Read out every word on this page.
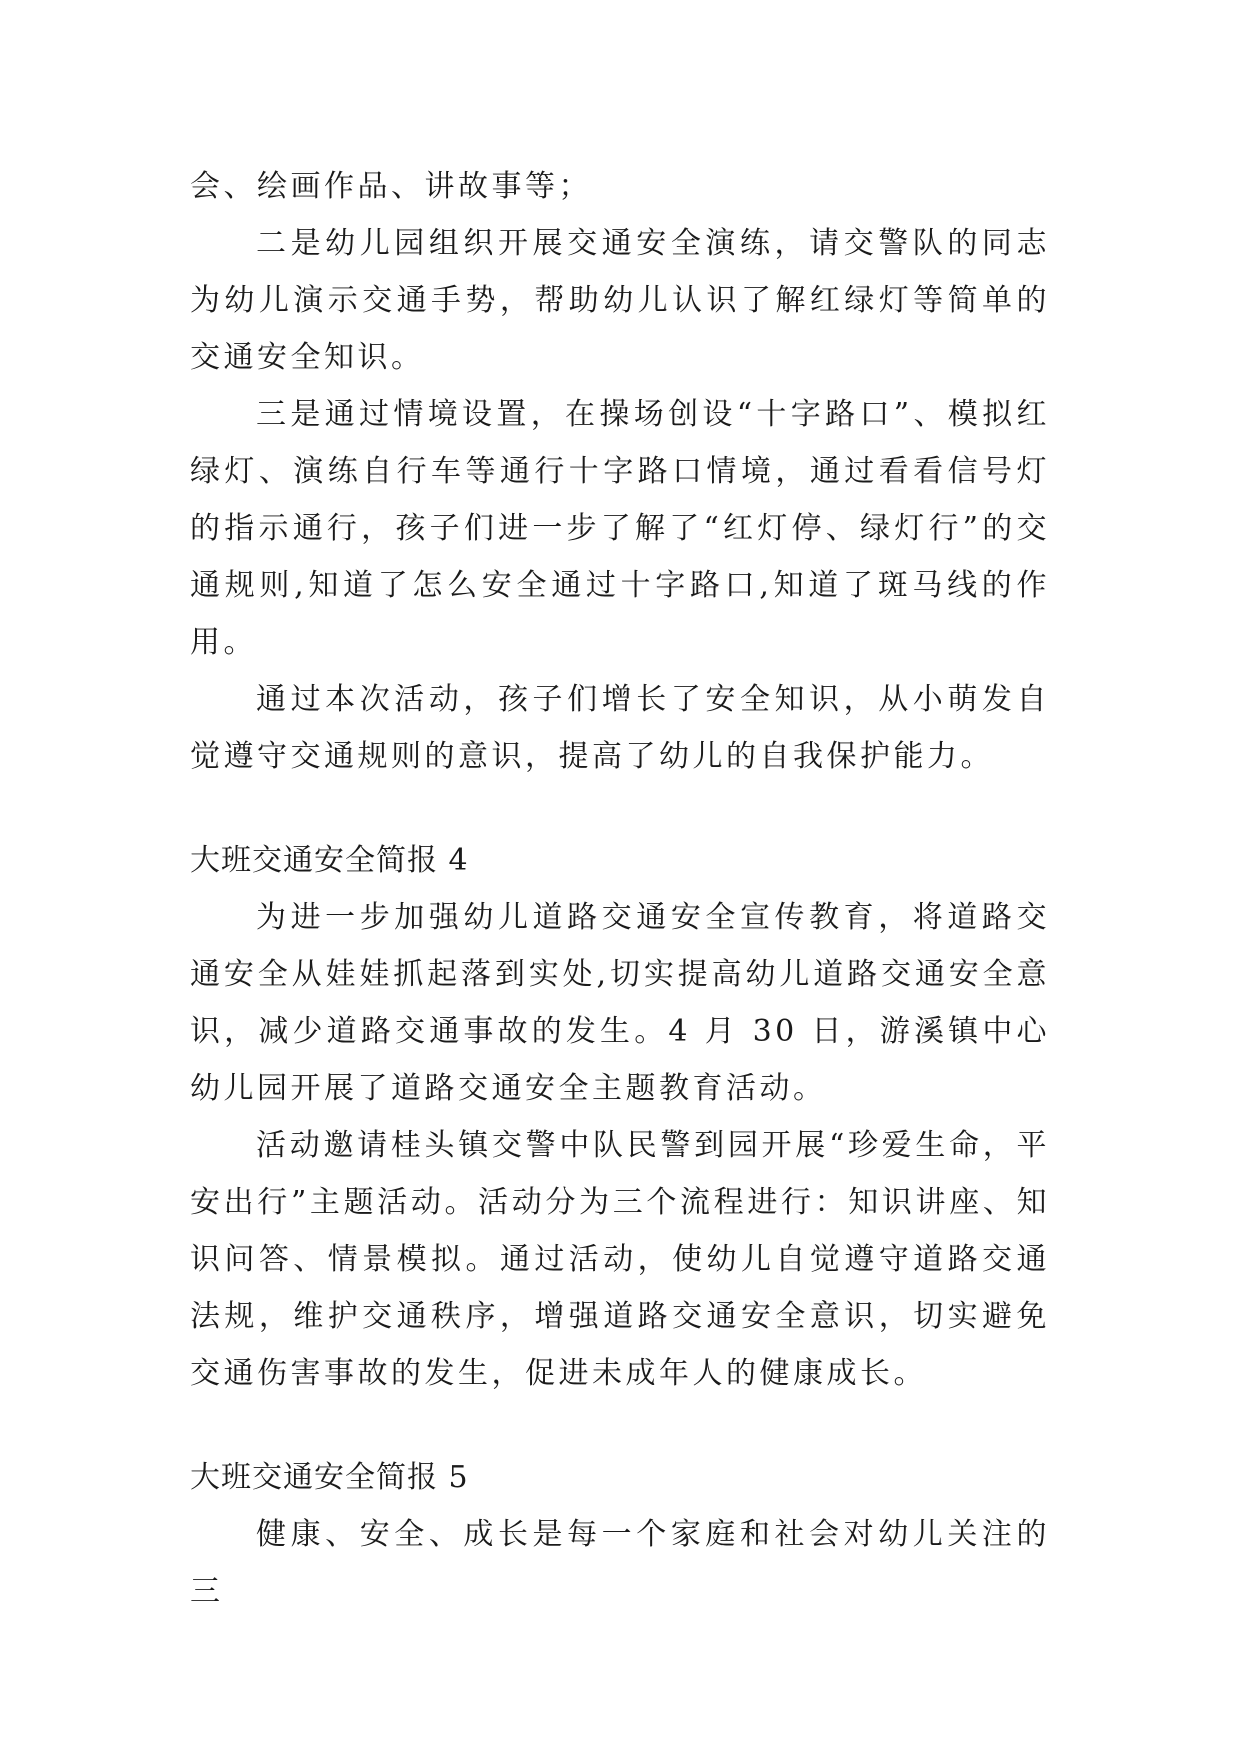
会、绘画作品、讲故事等；

二是幼儿园组织开展交通安全演练，请交警队的同志为幼儿演示交通手势，帮助幼儿认识了解红绿灯等简单的交通安全知识。

三是通过情境设置，在操场创设“十字路口”、模拟红绿灯、演练自行车等通行十字路口情境，通过看看信号灯的指示通行，孩子们进一步了解了“红灯停、绿灯行”的交通规则,知道了怎么安全通过十字路口,知道了斑马线的作用。

通过本次活动，孩子们增长了安全知识，从小萌发自觉遵守交通规则的意识，提高了幼儿的自我保护能力。

大班交通安全简报 4

为进一步加强幼儿道路交通安全宣传教育，将道路交通安全从娃娃抓起落到实处,切实提高幼儿道路交通安全意识，减少道路交通事故的发生。4 月 30 日，游溪镇中心幼儿园开展了道路交通安全主题教育活动。

活动邀请桂头镇交警中队民警到园开展“珍爱生命，平安出行”主题活动。活动分为三个流程进行：知识讲座、知识问答、情景模拟。通过活动，使幼儿自觉遵守道路交通法规，维护交通秩序，增强道路交通安全意识，切实避免交通伤害事故的发生，促进未成年人的健康成长。

大班交通安全简报 5

健康、安全、成长是每一个家庭和社会对幼儿关注的三
